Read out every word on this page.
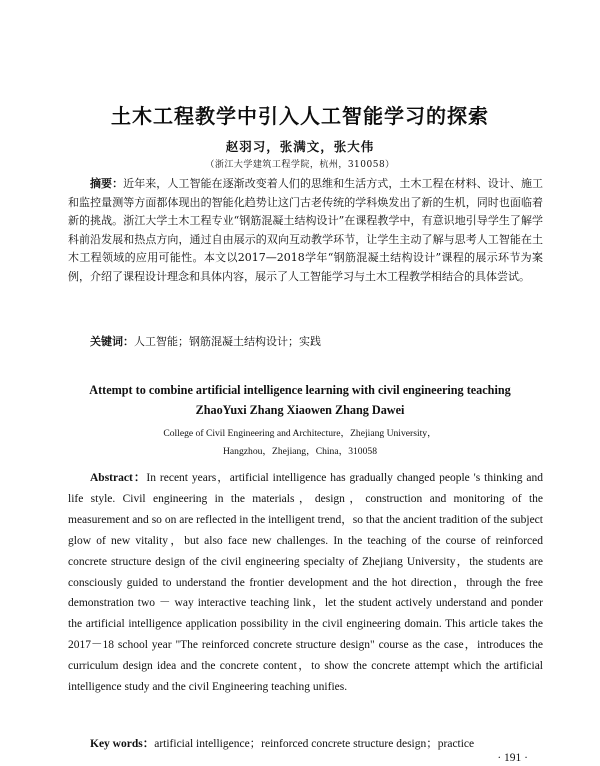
土木工程教学中引入人工智能学习的探索
赵羽习，张满文，张大伟
（浙江大学建筑工程学院，杭州，310058）
摘要：近年来，人工智能在逐渐改变着人们的思维和生活方式，土木工程在材料、设计、施工和监控量测等方面都体现出的智能化趋势让这门古老传统的学科焕发出了新的生机，同时也面临着新的挑战。浙江大学土木工程专业“钢筋混凝土结构设计”在课程教学中，有意识地引导学生了解学科前沿发展和热点方向，通过自由展示的双向互动教学环节，让学生主动了解与思考人工智能在土木工程领域的应用可能性。本文以2017—2018学年“钢筋混凝土结构设计”课程的展示环节为案例，介绍了课程设计理念和具体内容，展示了人工智能学习与土木工程教学相结合的具体尝试。
关键词：人工智能；钢筋混凝土结构设计；实践
Attempt to combine artificial intelligence learning with civil engineering teaching
ZhaoYuxi Zhang Xiaowen Zhang Dawei
College of Civil Engineering and Architecture，Zhejiang University，
Hangzhou，Zhejiang，China，310058
Abstract：In recent years，artificial intelligence has gradually changed people 's thinking and life style. Civil engineering in the materials，design，construction and monitoring of the measurement and so on are reflected in the intelligent trend，so that the ancient tradition of the subject glow of new vitality，but also face new challenges. In the teaching of the course of reinforced concrete structure design of the civil engineering specialty of Zhejiang University，the students are consciously guided to understand the frontier development and the hot direction，through the free demonstration two － way interactive teaching link，let the student actively understand and ponder the artificial intelligence application possibility in the civil engineering domain. This article takes the 2017－18 school year "The reinforced concrete structure design" course as the case，introduces the curriculum design idea and the concrete content，to show the concrete attempt which the artificial intelligence study and the civil Engineering teaching unifies.
Key words：artificial intelligence；reinforced concrete structure design；practice
· 191 ·
